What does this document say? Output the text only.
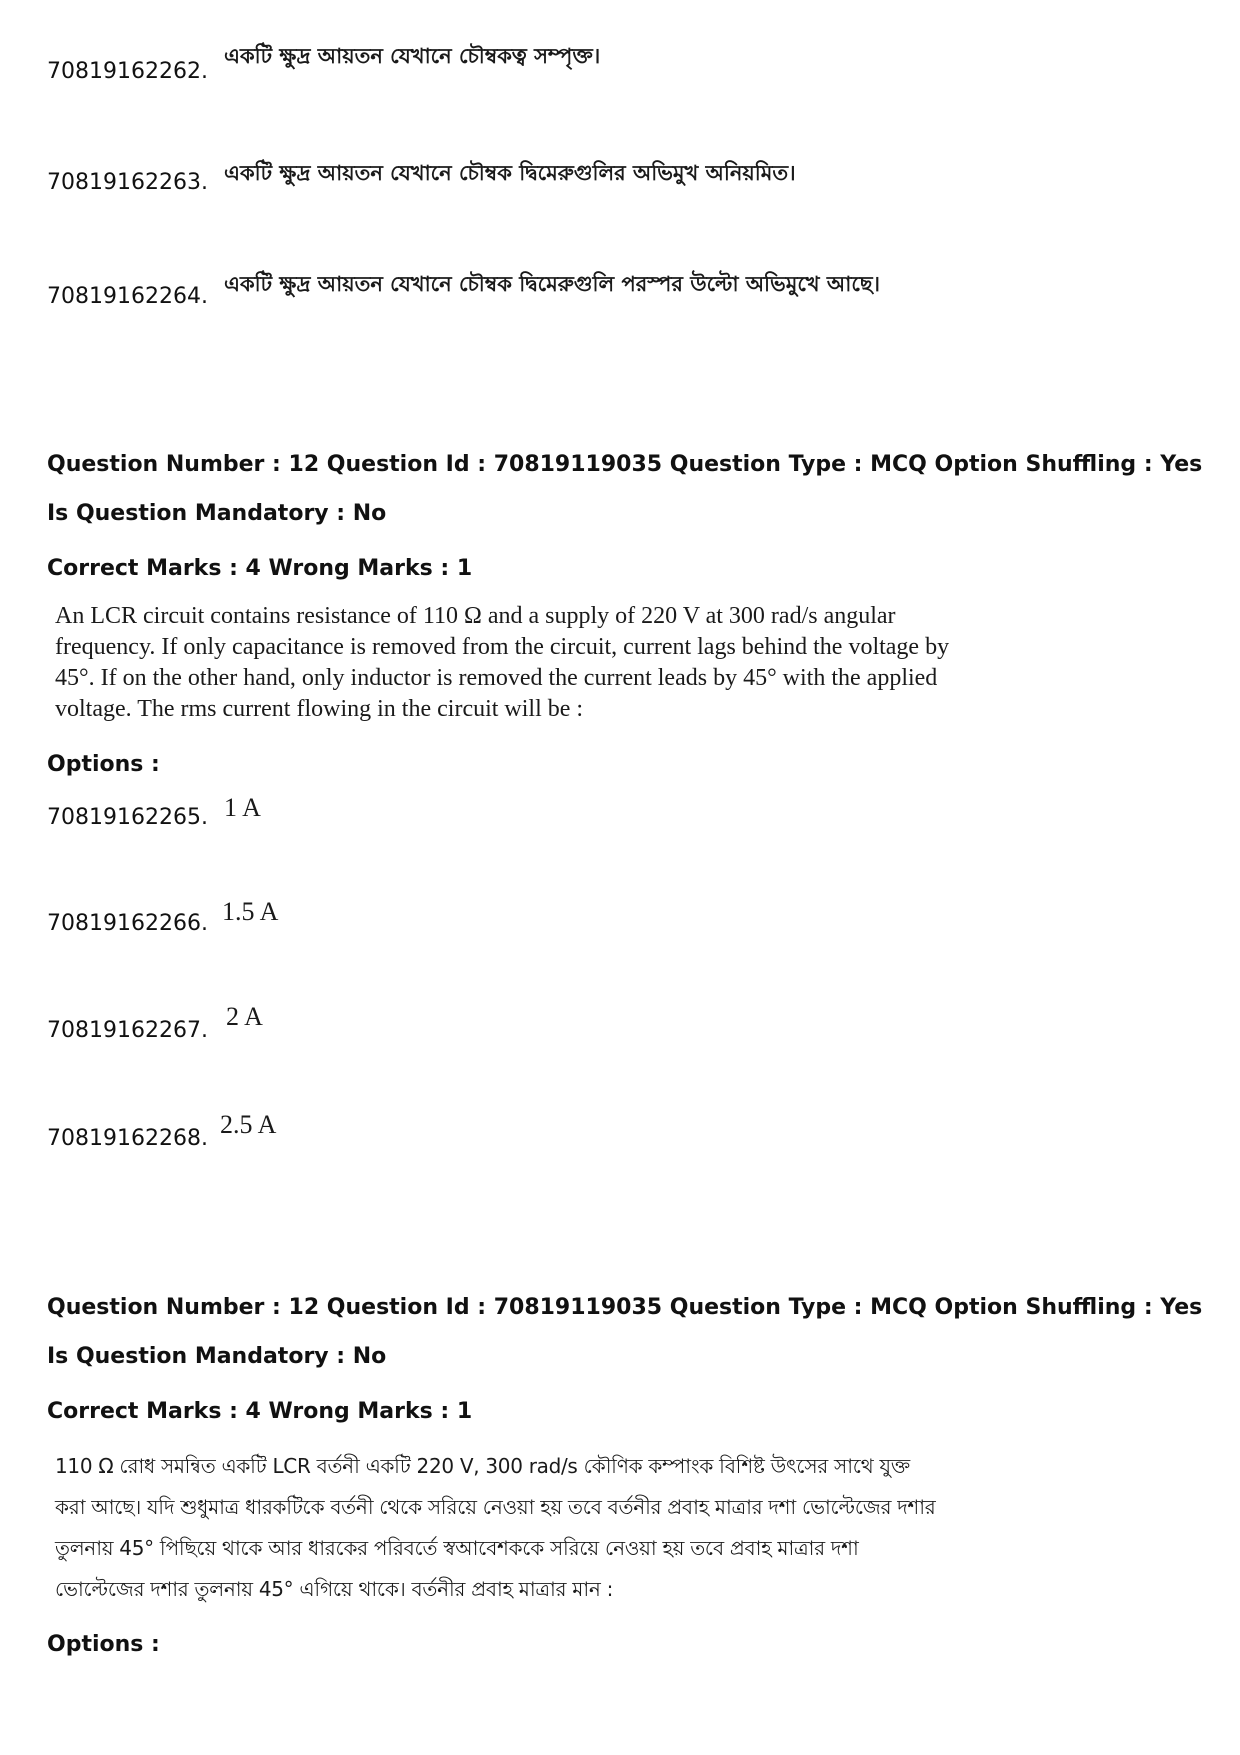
70819162262.
একটি ক্ষুদ্র আয়তন যেখানে চৌম্বকত্ব সম্পৃক্ত।
70819162263. একটি ক্ষুদ্র আয়তন যেখানে চৌম্বক দ্বিমেরুগুলির অভিমুখ অনিয়মিত।
70819162264. একটি ক্ষুদ্র আয়তন যেখানে চৌম্বক দ্বিমেরুগুলি পরস্পর উল্টো অভিমুখে আছে।
Question Number : 12 Question Id : 70819119035 Question Type : MCQ Option Shuffling : Yes
Is Question Mandatory : No
Correct Marks : 4 Wrong Marks : 1
An LCR circuit contains resistance of 110 Ω and a supply of 220 V at 300 rad/s angular frequency. If only capacitance is removed from the circuit, current lags behind the voltage by 45°. If on the other hand, only inductor is removed the current leads by 45° with the applied voltage. The rms current flowing in the circuit will be :
Options :
70819162265. 1 A
70819162266. 1.5 A
70819162267. 2 A
70819162268. 2.5 A
Question Number : 12 Question Id : 70819119035 Question Type : MCQ Option Shuffling : Yes
Is Question Mandatory : No
Correct Marks : 4 Wrong Marks : 1
110 Ω রোধ সমন্বিত একটি LCR বর্তনী একটি 220 V, 300 rad/s কৌণিক কম্পাংক বিশিষ্ট উৎসের সাথে যুক্ত করা আছে। যদি শুধুমাত্র ধারকটিকে বর্তনী থেকে সরিয়ে নেওয়া হয় তবে বর্তনীর প্রবাহ মাত্রার দশা ভোল্টেজের দশার তুলনায় 45° পিছিয়ে থাকে আর ধারকের পরিবর্তে স্বআবেশককে সরিয়ে নেওয়া হয় তবে প্রবাহ মাত্রার দশা ভোল্টেজের দশার তুলনায় 45° এগিয়ে থাকে। বর্তনীর প্রবাহ মাত্রার মান :
Options :
